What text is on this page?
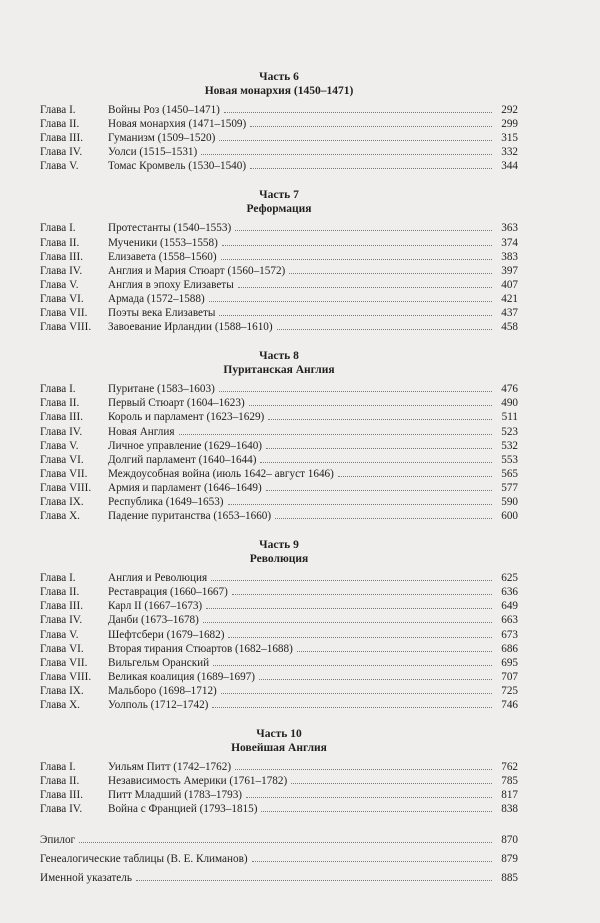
Часть 6
Новая монархия (1450–1471)
Глава I.	Войны Роз (1450–1471)	292
Глава II.	Новая монархия (1471–1509)	299
Глава III.	Гуманизм (1509–1520)	315
Глава IV.	Уолси (1515–1531)	332
Глава V.	Томас Кромвель (1530–1540)	344
Часть 7
Реформация
Глава I.	Протестанты (1540–1553)	363
Глава II.	Мученики (1553–1558)	374
Глава III.	Елизавета (1558–1560)	383
Глава IV.	Англия и Мария Стюарт (1560–1572)	397
Глава V.	Англия в эпоху Елизаветы	407
Глава VI.	Армада (1572–1588)	421
Глава VII.	Поэты века Елизаветы	437
Глава VIII.	Завоевание Ирландии (1588–1610)	458
Часть 8
Пуританская Англия
Глава I.	Пуритане (1583–1603)	476
Глава II.	Первый Стюарт (1604–1623)	490
Глава III.	Король и парламент (1623–1629)	511
Глава IV.	Новая Англия	523
Глава V.	Личное управление (1629–1640)	532
Глава VI.	Долгий парламент (1640–1644)	553
Глава VII.	Междоусобная война (июль 1642– август 1646)	565
Глава VIII.	Армия и парламент (1646–1649)	577
Глава IX.	Республика (1649–1653)	590
Глава X.	Падение пуританства (1653–1660)	600
Часть 9
Революция
Глава I.	Англия и Революция	625
Глава II.	Реставрация (1660–1667)	636
Глава III.	Карл II (1667–1673)	649
Глава IV.	Данби (1673–1678)	663
Глава V.	Шефтсбери (1679–1682)	673
Глава VI.	Вторая тирания Стюартов (1682–1688)	686
Глава VII.	Вильгельм Оранский	695
Глава VIII.	Великая коалиция (1689–1697)	707
Глава IX.	Мальборо (1698–1712)	725
Глава X.	Уолполь (1712–1742)	746
Часть 10
Новейшая Англия
Глава I.	Уильям Питт (1742–1762)	762
Глава II.	Независимость Америки (1761–1782)	785
Глава III.	Питт Младший (1783–1793)	817
Глава IV.	Война с Францией (1793–1815)	838
Эпилог	870
Генеалогические таблицы (В. Е. Климанов)	879
Именной указатель	885
